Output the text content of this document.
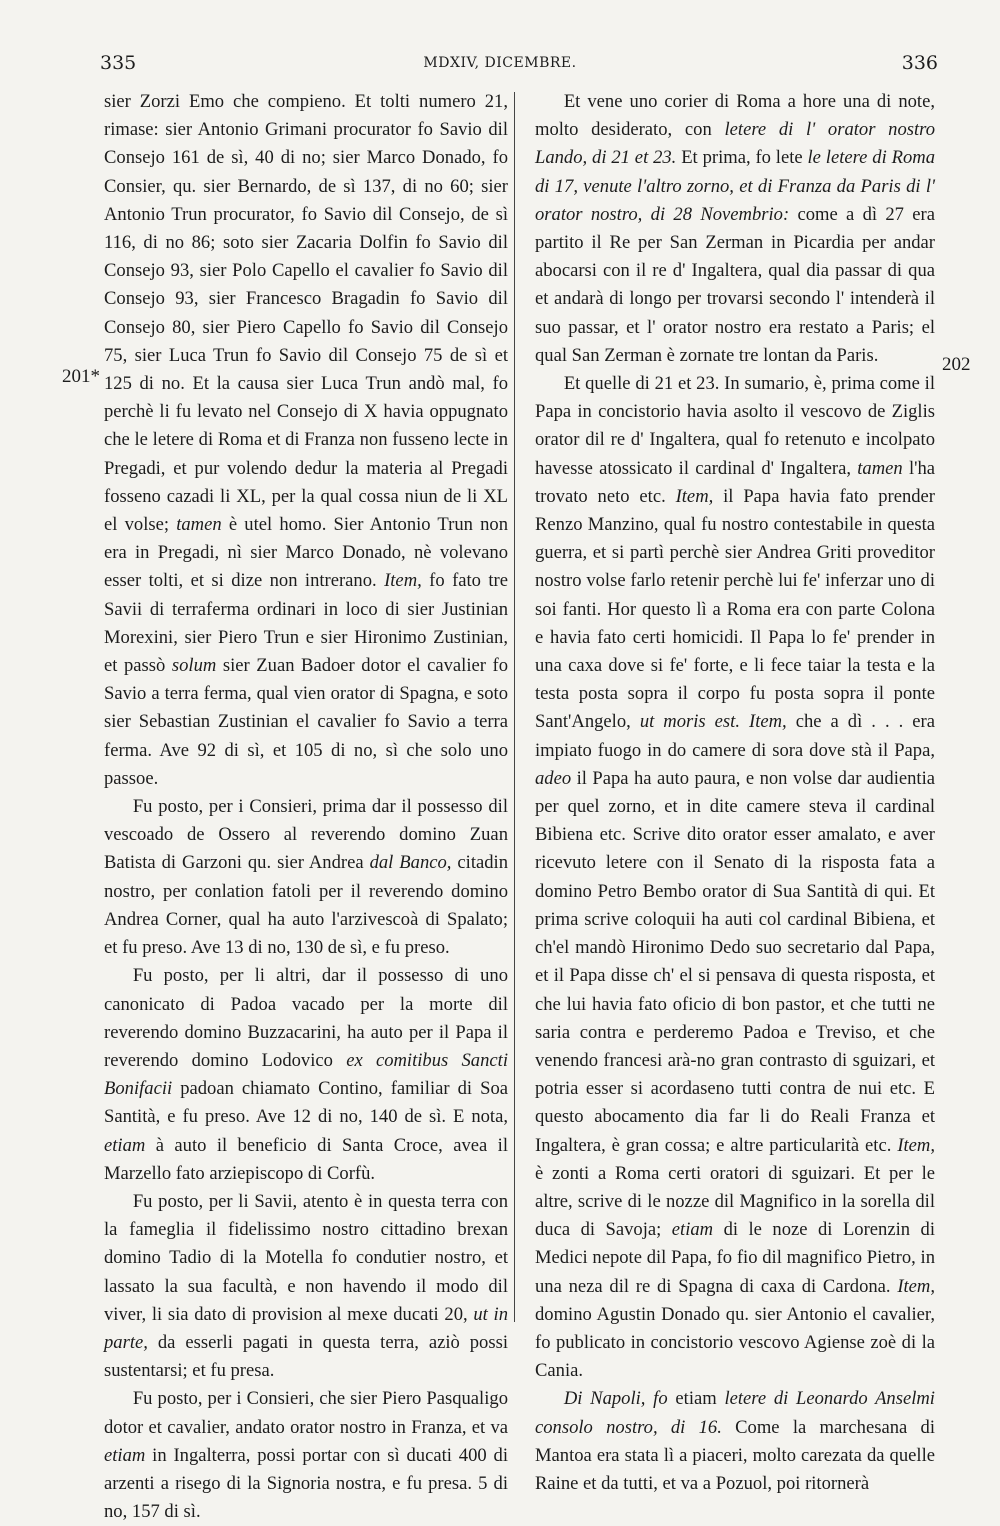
335	MDXIV, DICEMBRE.	336
201*
202

sier Zorzi Emo che compieno. Et tolti numero 21, rimase: sier Antonio Grimani procurator fo Savio dil Consejo 161 de sì, 40 di no; sier Marco Donado, fo Consier, qu. sier Bernardo, de sì 137, di no 60; sier Antonio Trun procurator, fo Savio dil Consejo, de sì 116, di no 86; soto sier Zacaria Dolfin fo Savio dil Consejo 93, sier Polo Capello el cavalier fo Savio dil Consejo 93, sier Francesco Bragadin fo Savio dil Consejo 80, sier Piero Capello fo Savio dil Consejo 75, sier Luca Trun fo Savio dil Consejo 75 de sì et 125 di no. Et la causa sier Luca Trun andò mal, fo perchè li fu levato nel Consejo di X havia oppugnato che le letere di Roma et di Franza non fusseno lecte in Pregadi, et pur volendo dedur la materia al Pregadi fosseno cazadi li XL, per la qual cossa niun de li XL el volse; tamen è utel homo. Sier Antonio Trun non era in Pregadi, nì sier Marco Donado, nè volevano esser tolti, et si dize non intrerano. Item, fo fato tre Savii di terraferma ordinari in loco di sier Justinian Morexini, sier Piero Trun e sier Hironimo Zustinian, et passò solum sier Zuan Badoer dotor el cavalier fo Savio a terra ferma, qual vien orator di Spagna, e soto sier Sebastian Zustinian el cavalier fo Savio a terra ferma. Ave 92 di sì, et 105 di no, sì che solo uno passoe.

Fu posto, per i Consieri, prima dar il possesso dil vescoado de Ossero al reverendo domino Zuan Batista di Garzoni qu. sier Andrea dal Banco, citadin nostro, per conlation fatoli per il reverendo domino Andrea Corner, qual ha auto l'arzivescoà di Spalato; et fu preso. Ave 13 di no, 130 de sì, e fu preso.

Fu posto, per li altri, dar il possesso di uno canonicato di Padoa vacado per la morte dil reverendo domino Buzzacarini, ha auto per il Papa il reverendo domino Lodovico ex comitibus Sancti Bonifacii padoan chiamato Contino, familiar di Soa Santità, e fu preso. Ave 12 di no, 140 de sì. E nota, etiam à auto il beneficio di Santa Croce, avea il Marzello fato arziepiscopo di Corfù.

Fu posto, per li Savii, atento è in questa terra con la fameglia il fidelissimo nostro cittadino brexan domino Tadio di la Motella fo condutier nostro, et lassato la sua facultà, e non havendo il modo dil viver, li sia dato di provision al mexe ducati 20, ut in parte, da esserli pagati in questa terra, aziò possi sustentarsi; et fu presa.

Fu posto, per i Consieri, che sier Piero Pasqualigo dotor et cavalier, andato orator nostro in Franza, et va etiam in Ingalterra, possi portar con sì ducati 400 di arzenti a risego di la Signoria nostra, e fu presa. 5 di no, 157 di sì.

Et vene uno corier di Roma a hore una di note, molto desiderato, con letere di l' orator nostro Lando, di 21 et 23. Et prima, fo lete le letere di Roma di 17, venute l'altro zorno, et di Franza da Paris di l' orator nostro, di 28 Novembrio: come a dì 27 era partito il Re per San Zerman in Picardia per andar abocarsi con il re d' Ingaltera, qual dia passar di qua et andarà di longo per trovarsi secondo l' intenderà il suo passar, et l' orator nostro era restato a Paris; el qual San Zerman è zornate tre lontan da Paris.

Et quelle di 21 et 23. In sumario, è, prima come il Papa in concistorio havia asolto il vescovo de Ziglis orator dil re d' Ingaltera, qual fo retenuto e incolpato havesse atossicato il cardinal d' Ingaltera, tamen l'ha trovato neto etc. Item, il Papa havia fato prender Renzo Manzino, qual fu nostro contestabile in questa guerra, et si partì perchè sier Andrea Griti proveditor nostro volse farlo retenir perchè lui fe' inferzar uno di soi fanti. Hor questo lì a Roma era con parte Colona e havia fato certi homicidi. Il Papa lo fe' prender in una caxa dove si fe' forte, e li fece taiar la testa e la testa posta sopra il corpo fu posta sopra il ponte Sant'Angelo, ut moris est. Item, che a dì . . . era impiato fuogo in do camere di sora dove stà il Papa, adeo il Papa ha auto paura, e non volse dar audientia per quel zorno, et in dite camere steva il cardinal Bibiena etc. Scrive dito orator esser amalato, e aver ricevuto letere con il Senato di la risposta fata a domino Petro Bembo orator di Sua Santità di qui. Et prima scrive coloquii ha auti col cardinal Bibiena, et ch'el mandò Hironimo Dedo suo secretario dal Papa, et il Papa disse ch' el si pensava di questa risposta, et che lui havia fato oficio di bon pastor, et che tutti ne saria contra e perderemo Padoa e Treviso, et che venendo francesi arà-no gran contrasto di sguizari, et potria esser si acordaseno tutti contra de nui etc. E questo abocamento dia far li do Reali Franza et Ingaltera, è gran cossa; e altre particularità etc. Item, è zonti a Roma certi oratori di sguizari. Et per le altre, scrive di le nozze dil Magnifico in la sorella dil duca di Savoja; etiam di le noze di Lorenzin di Medici nepote dil Papa, fo fio dil magnifico Pietro, in una neza dil re di Spagna di caxa di Cardona. Item, domino Agustin Donado qu. sier Antonio el cavalier, fo publicato in concistorio vescovo Agiense zoè di la Cania.

Di Napoli, fo etiam letere di Leonardo Anselmi consolo nostro, di 16. Come la marchesana di Mantoa era stata lì a piaceri, molto carezata da quelle Raine et da tutti, et va a Pozuol, poi ritornerà
